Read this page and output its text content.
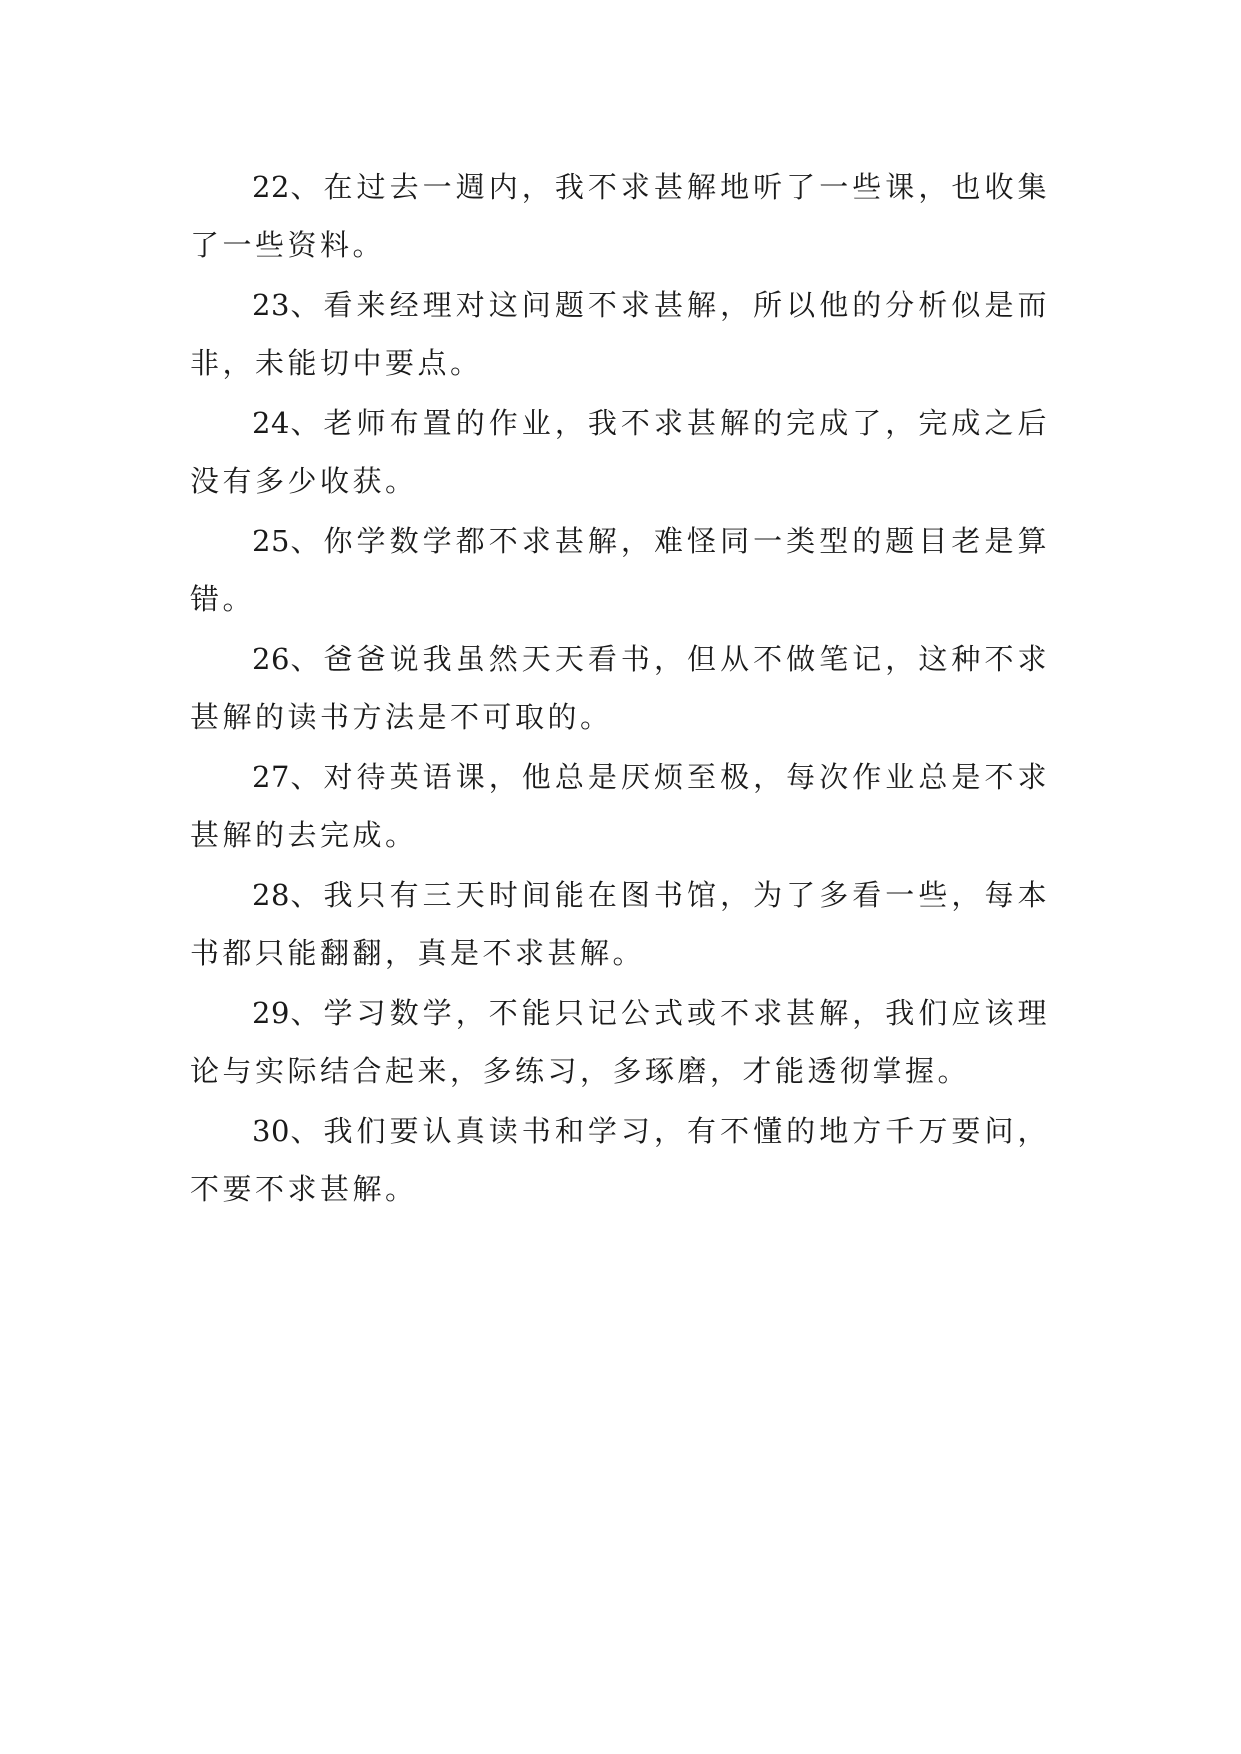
22、在过去一週内，我不求甚解地听了一些课，也收集了一些资料。

23、看来经理对这问题不求甚解，所以他的分析似是而非，未能切中要点。

24、老师布置的作业，我不求甚解的完成了，完成之后没有多少收获。

25、你学数学都不求甚解，难怪同一类型的题目老是算错。

26、爸爸说我虽然天天看书，但从不做笔记，这种不求甚解的读书方法是不可取的。

27、对待英语课，他总是厌烦至极，每次作业总是不求甚解的去完成。

28、我只有三天时间能在图书馆，为了多看一些，每本书都只能翻翻，真是不求甚解。

29、学习数学，不能只记公式或不求甚解，我们应该理论与实际结合起来，多练习，多琢磨，才能透彻掌握。

30、我们要认真读书和学习，有不懂的地方千万要问，不要不求甚解。
